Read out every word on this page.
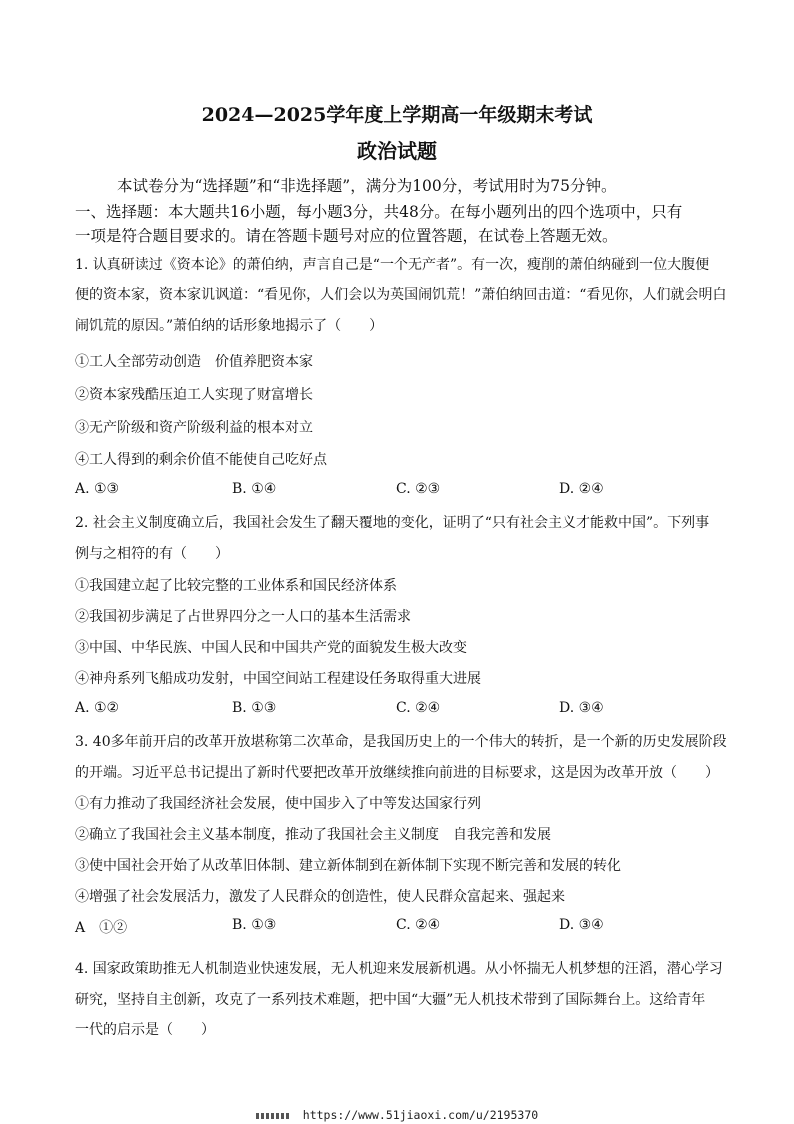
2024—2025学年度上学期高一年级期末考试
政治试题
本试卷分为“选择题”和“非选择题”，满分为100分，考试用时为75分钟。
一、选择题：本大题共16小题，每小题3分，共48分。在每小题列出的四个选项中，只有
一项是符合题目要求的。请在答题卡题号对应的位置答题，在试卷上答题无效。
1. 认真研读过《资本论》的萧伯纳，声言自己是“一个无产者”。有一次，瘦削的萧伯纳碰到一位大腹便
便的资本家，资本家讥讽道：“看见你，人们会以为英国闹饥荒！”萧伯纳回击道：“看见你，人们就会明白
闹饥荒的原因。”萧伯纳的话形象地揭示了（　　）
①工人全部劳动创造　价值养肥资本家
②资本家残酷压迫工人实现了财富增长
③无产阶级和资产阶级利益的根本对立
④工人得到的剩余价值不能使自己吃好点
A. ①③	B. ①④	C. ②③	D. ②④
2. 社会主义制度确立后，我国社会发生了翻天覆地的变化，证明了“只有社会主义才能救中国”。下列事
例与之相符的有（　　）
①我国建立起了比较完整的工业体系和国民经济体系
②我国初步满足了占世界四分之一人口的基本生活需求
③中国、中华民族、中国人民和中国共产党的面貌发生极大改变
④神舟系列飞船成功发射，中国空间站工程建设任务取得重大进展
A. ①②	B. ①③	C. ②④	D. ③④
3. 40多年前开启的改革开放堪称第二次革命，是我国历史上的一个伟大的转折，是一个新的历史发展阶段
的开端。习近平总书记提出了新时代要把改革开放继续推向前进的目标要求，这是因为改革开放（　　）
①有力推动了我国经济社会发展，使中国步入了中等发达国家行列
②确立了我国社会主义基本制度，推动了我国社会主义制度　自我完善和发展
③使中国社会开始了从改革旧体制、建立新体制到在新体制下实现不断完善和发展的转化
④增强了社会发展活力，激发了人民群众的创造性，使人民群众富起来、强起来
A　①②	B. ①③	C. ②④	D. ③④
4. 国家政策助推无人机制造业快速发展，无人机迎来发展新机遇。从小怀揣无人机梦想的汪滔，潜心学习
研究，坚持自主创新，攻克了一系列技术难题，把中国“大疆”无人机技术带到了国际舞台上。这给青年
一代的启示是（　　）
https://www.51jiaoxi.com/u/2195370
